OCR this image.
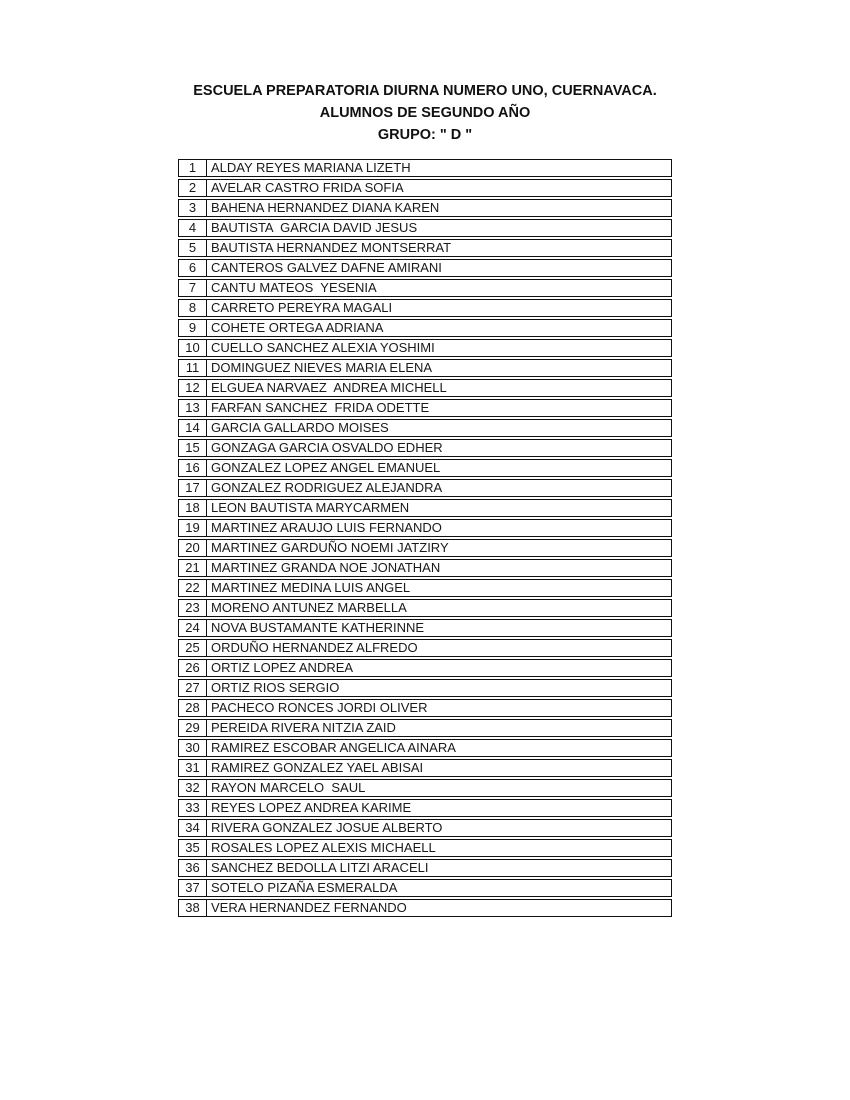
ESCUELA PREPARATORIA DIURNA NUMERO UNO, CUERNAVACA.
ALUMNOS DE SEGUNDO AÑO
GRUPO: " D "
1	ALDAY REYES MARIANA LIZETH
2	AVELAR CASTRO FRIDA SOFIA
3	BAHENA HERNANDEZ DIANA KAREN
4	BAUTISTA  GARCIA DAVID JESUS
5	BAUTISTA HERNANDEZ MONTSERRAT
6	CANTEROS GALVEZ DAFNE AMIRANI
7	CANTU MATEOS  YESENIA
8	CARRETO PEREYRA MAGALI
9	COHETE ORTEGA ADRIANA
10 CUELLO SANCHEZ ALEXIA YOSHIMI
11 DOMINGUEZ NIEVES MARIA ELENA
12 ELGUEA NARVAEZ  ANDREA MICHELL
13 FARFAN SANCHEZ  FRIDA ODETTE
14 GARCIA GALLARDO MOISES
15 GONZAGA GARCIA OSVALDO EDHER
16 GONZALEZ LOPEZ ANGEL EMANUEL
17 GONZALEZ RODRIGUEZ ALEJANDRA
18 LEON BAUTISTA MARYCARMEN
19 MARTINEZ ARAUJO LUIS FERNANDO
20 MARTINEZ GARDUÑO NOEMI JATZIRY
21 MARTINEZ GRANDA NOE JONATHAN
22 MARTINEZ MEDINA LUIS ANGEL
23 MORENO ANTUNEZ MARBELLA
24 NOVA BUSTAMANTE KATHERINNE
25 ORDUÑO HERNANDEZ ALFREDO
26 ORTIZ LOPEZ ANDREA
27 ORTIZ RIOS SERGIO
28 PACHECO RONCES JORDI OLIVER
29 PEREIDA RIVERA NITZIA ZAID
30 RAMIREZ ESCOBAR ANGELICA AINARA
31 RAMIREZ GONZALEZ YAEL ABISAI
32 RAYON MARCELO  SAUL
33 REYES LOPEZ ANDREA KARIME
34 RIVERA GONZALEZ JOSUE ALBERTO
35 ROSALES LOPEZ ALEXIS MICHAELL
36 SANCHEZ BEDOLLA LITZI ARACELI
37 SOTELO PIZAÑA ESMERALDA
38 VERA HERNANDEZ FERNANDO
